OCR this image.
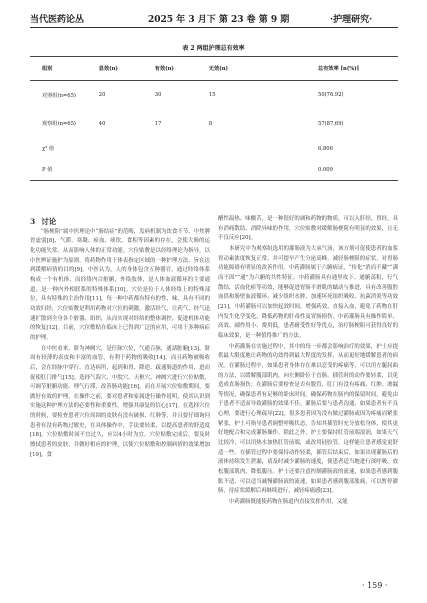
当代医药论丛	2025 年 3 月下 第 23 卷 第 9 期	·护理研究·
表 2 两组护理总有效率
组别	显效(n)	有效(n)	无效(n)		总有效率 [n(%)]
对照组(n=65)	20	30	15		50(76.92)
观察组(n=65)	40	17	8		57(87.69)
χ² 值					6.806
P 值					0.009

3 讨论

“肠梗阻”属中医理论中“肠结症”的范畴，发病机制为饮食不节、中焦脾胃虚弱[8]、气滞、寒凝、瘀血、痰饮、食积等因素的存在，会使大肠的运化功能失常，从而影响人体的正常功能。穴位贴敷是以经络理论为指导，以中医辨证施护为原则，将药物作用于体表指定区域的一种护理方法。旨在达到缓解病情的目的[9]。中医认为，人的身体包含五种器官，通过经络体系构成一个有机体，而经络内合脏腑，外络肢体，是人体血液循环的主要通道，是一种内外相联系的特殊体系[10]。穴位是位于人体经络上的特殊部位，具有特殊的主治作用[11]。每一种中药都有特有的性、味，具有不同的功效归经，穴位贴敷是利用药物对穴位的刺激，激活经气，让药气、经气迅速扩散到全身各个脏器、组织，从而实现对经络的整体调控，促进机体功能的恢复[12]。目前，穴位敷贴在临床上已得到广泛的应用，可用于多种病症的护理。

在中医看来，脐为神阙穴，是任脉穴位，气通百脉，通諸脏腑[13]，脐周有较薄的表皮和丰富的血管，有利于药物的吸收[14]。而且药物被吸收后，会在经脉中穿行，直达病所，起到和胃、降逆、疏通肠道的作用，进而促使肛门排气[15]。选择气海穴、中脘穴、天枢穴、神阙穴进行穴位贴敷，可调节脏腑功能、理气行滞，改善肠功能[16]。而在开展穴位贴敷期间，要做好有效的护理，在操作之前，要对患者和家属进行操作说明，使其认识到实施这种护理方法的必要性和重要性，增强其康复的信心[17]。在选择穴位的时候，要检查患者穴位周围的皮肤有没有破损、红肿等，并且要仔细询问患者有没有药物过敏史，在具体操作中，手法要轻柔，以提高患者的舒适度[18]。穴位贴敷时间不宜过久，应以4小时为宜。穴位贴敷完成后，要及时擦拭患者的皮肤，并做好相应的护理，以使穴位贴敷和控制病情的效果增加[19]。食

醋性温热、味酸苦，是一种很好的调和药物的物质，可以入肝经、胃经，具有消痈散结、消除异味的作用，穴位贴敷对缓解肠梗阻有明显的效果，且无不良反应[20]。

本研究中为观察组选用的灌肠液为大承气汤，该方剂可促使患者的血浆胃动素浓度恢复正常，并可提早产生分泌高峰，减轻肠梗阻的症状，对胃肠功能障碍有明显的改善作用。中药灌肠属于六腑病证，“传化”消而不藏”“满而不固”“通”为六腑的共性特征。中药灌肠具有通里攻下、通腑荡积、行气散结、活血化瘀等功效，能够促进胃肠平滑肌的蠕动与推进，具有改善腹腔血供和肠壁血液循环、减少组织水肿、加速坏死组织吸收、抗菌消炎等功效[21]。中药灌肠可以加快起效时间，增强药效，直接入血，避免了药物在肝内发生化学变化，降低药物的肝毒性及胃肠损伤。中药灌肠具有操作简单、高效、副作用小、费用低，患者耐受性好等优点，治疗肠梗阻可获得良好的临床效果，是一种值得推广的方法。

中药灌肠在实施过程中，其中的每一步都会影响治疗的效果，护士应提供最大限度地让药物的功效得到最大程度的发挥，从而更好地缓解患者的病况。在灌肠过程中，如果患者身体存在难以忍受的疼痛等，可以用左腿屈曲的方法，以缓解腹部肌肉，向左侧卧位于直肠。插管时的动作要轻柔，以免造成直肠损伤；在灌肠后要检查是否有脱管，肛门有没有疼痛、红肿、渗漏等情况，确保患者有足够的卧床时间，确保药物在肠内的保留时间，避免由于患者不适而导致灌肠的效果不佳。灌肠后要与患者沟通，如果患者有不良心理，要进行心理疏导[22]。很多患者因为没有做过灌肠或因为疼痛而紧张紧张，护士可指导患者调整呼吸状态，告知其插管时充分放松身体，使其更好地配合和完成灌肠操作。除此之外，护士要保持肛管前端湿润，如果天气比较冷，可以用热水加热肛管前端，或改用硅胶管，这样能让患者感觉更舒适一些。在插管过程中要保持动作轻柔，插管后结束后，如果出现灌肠后的液体持续发生泄漏，请及时减少灌肠的速度，使患者适当地进行深呼吸，放松腹部肌肉，降低腹压。护士还要注意控制灌肠液的流速，如果患者感到腹胀不适，可以适当减慢灌肠液的流速，如果患者感到腹部胀痛，可以暂停灌肠，待症状缓解后再继续进行，减轻疼痛感[23]。

中药灌肠既能使药物在肠道内直接发挥作用，又能

· 159 ·
